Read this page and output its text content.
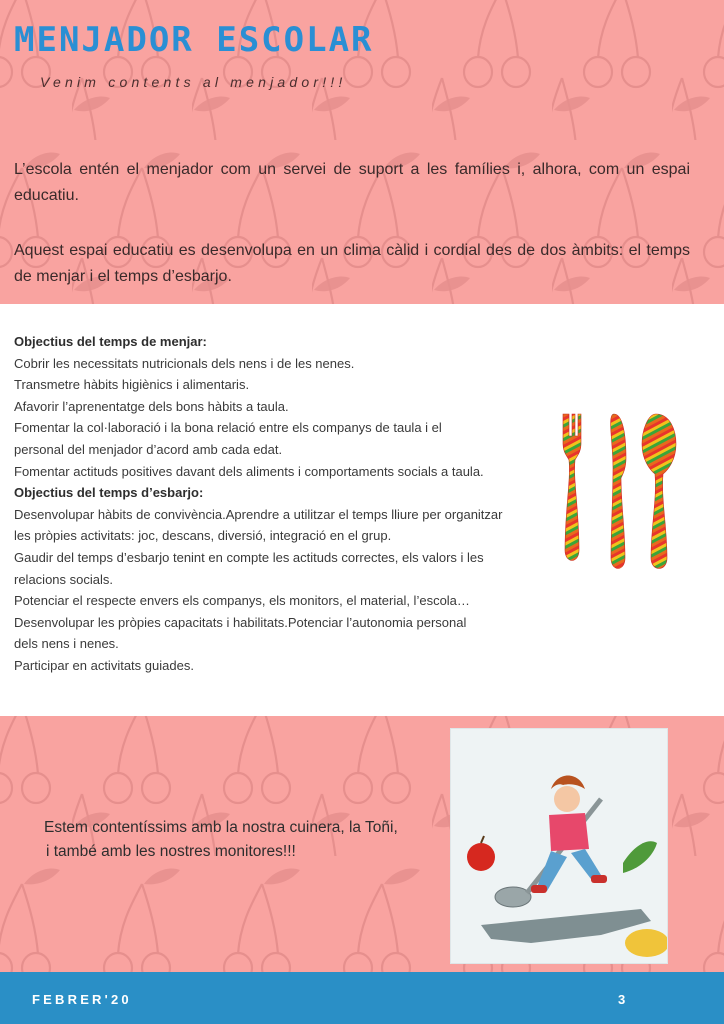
MENJADOR ESCOLAR
Venim contents al menjador!!!

L’escola entén el menjador com un servei de suport a les famílies i, alhora, com un espai educatiu.

Aquest espai educatiu es desenvolupa en un clima càlid i cordial des de dos àmbits: el temps de menjar i el temps d’esbarjo.

Objectius del temps de menjar:
Cobrir les necessitats nutricionals dels nens i de les nenes.
Transmetre hàbits higiènics i alimentaris.
Afavorir l’aprenentatge dels bons hàbits a taula.
Fomentar la col·laboració i la bona relació entre els companys de taula i el
personal del menjador d’acord amb cada edat.
Fomentar actituds positives davant dels aliments i comportaments socials a taula.
Objectius del temps d’esbarjo:
Desenvolupar hàbits de convivència.Aprendre a utilitzar el temps lliure per organitzar
les pròpies activitats: joc, descans, diversió, integració en el grup.
Gaudir del temps d’esbarjo tenint en compte les actituds correctes, els valors i les
relacions socials.
Potenciar el respecte envers els companys, els monitors, el material, l’escola…
Desenvolupar les pròpies capacitats i habilitats.Potenciar l’autonomia personal
dels nens i nenes.
Participar en activitats guiades.
Estem contentíssims amb la nostra cuinera, la Toñi,
i també amb les nostres monitores!!!
FEBRER'20	3
